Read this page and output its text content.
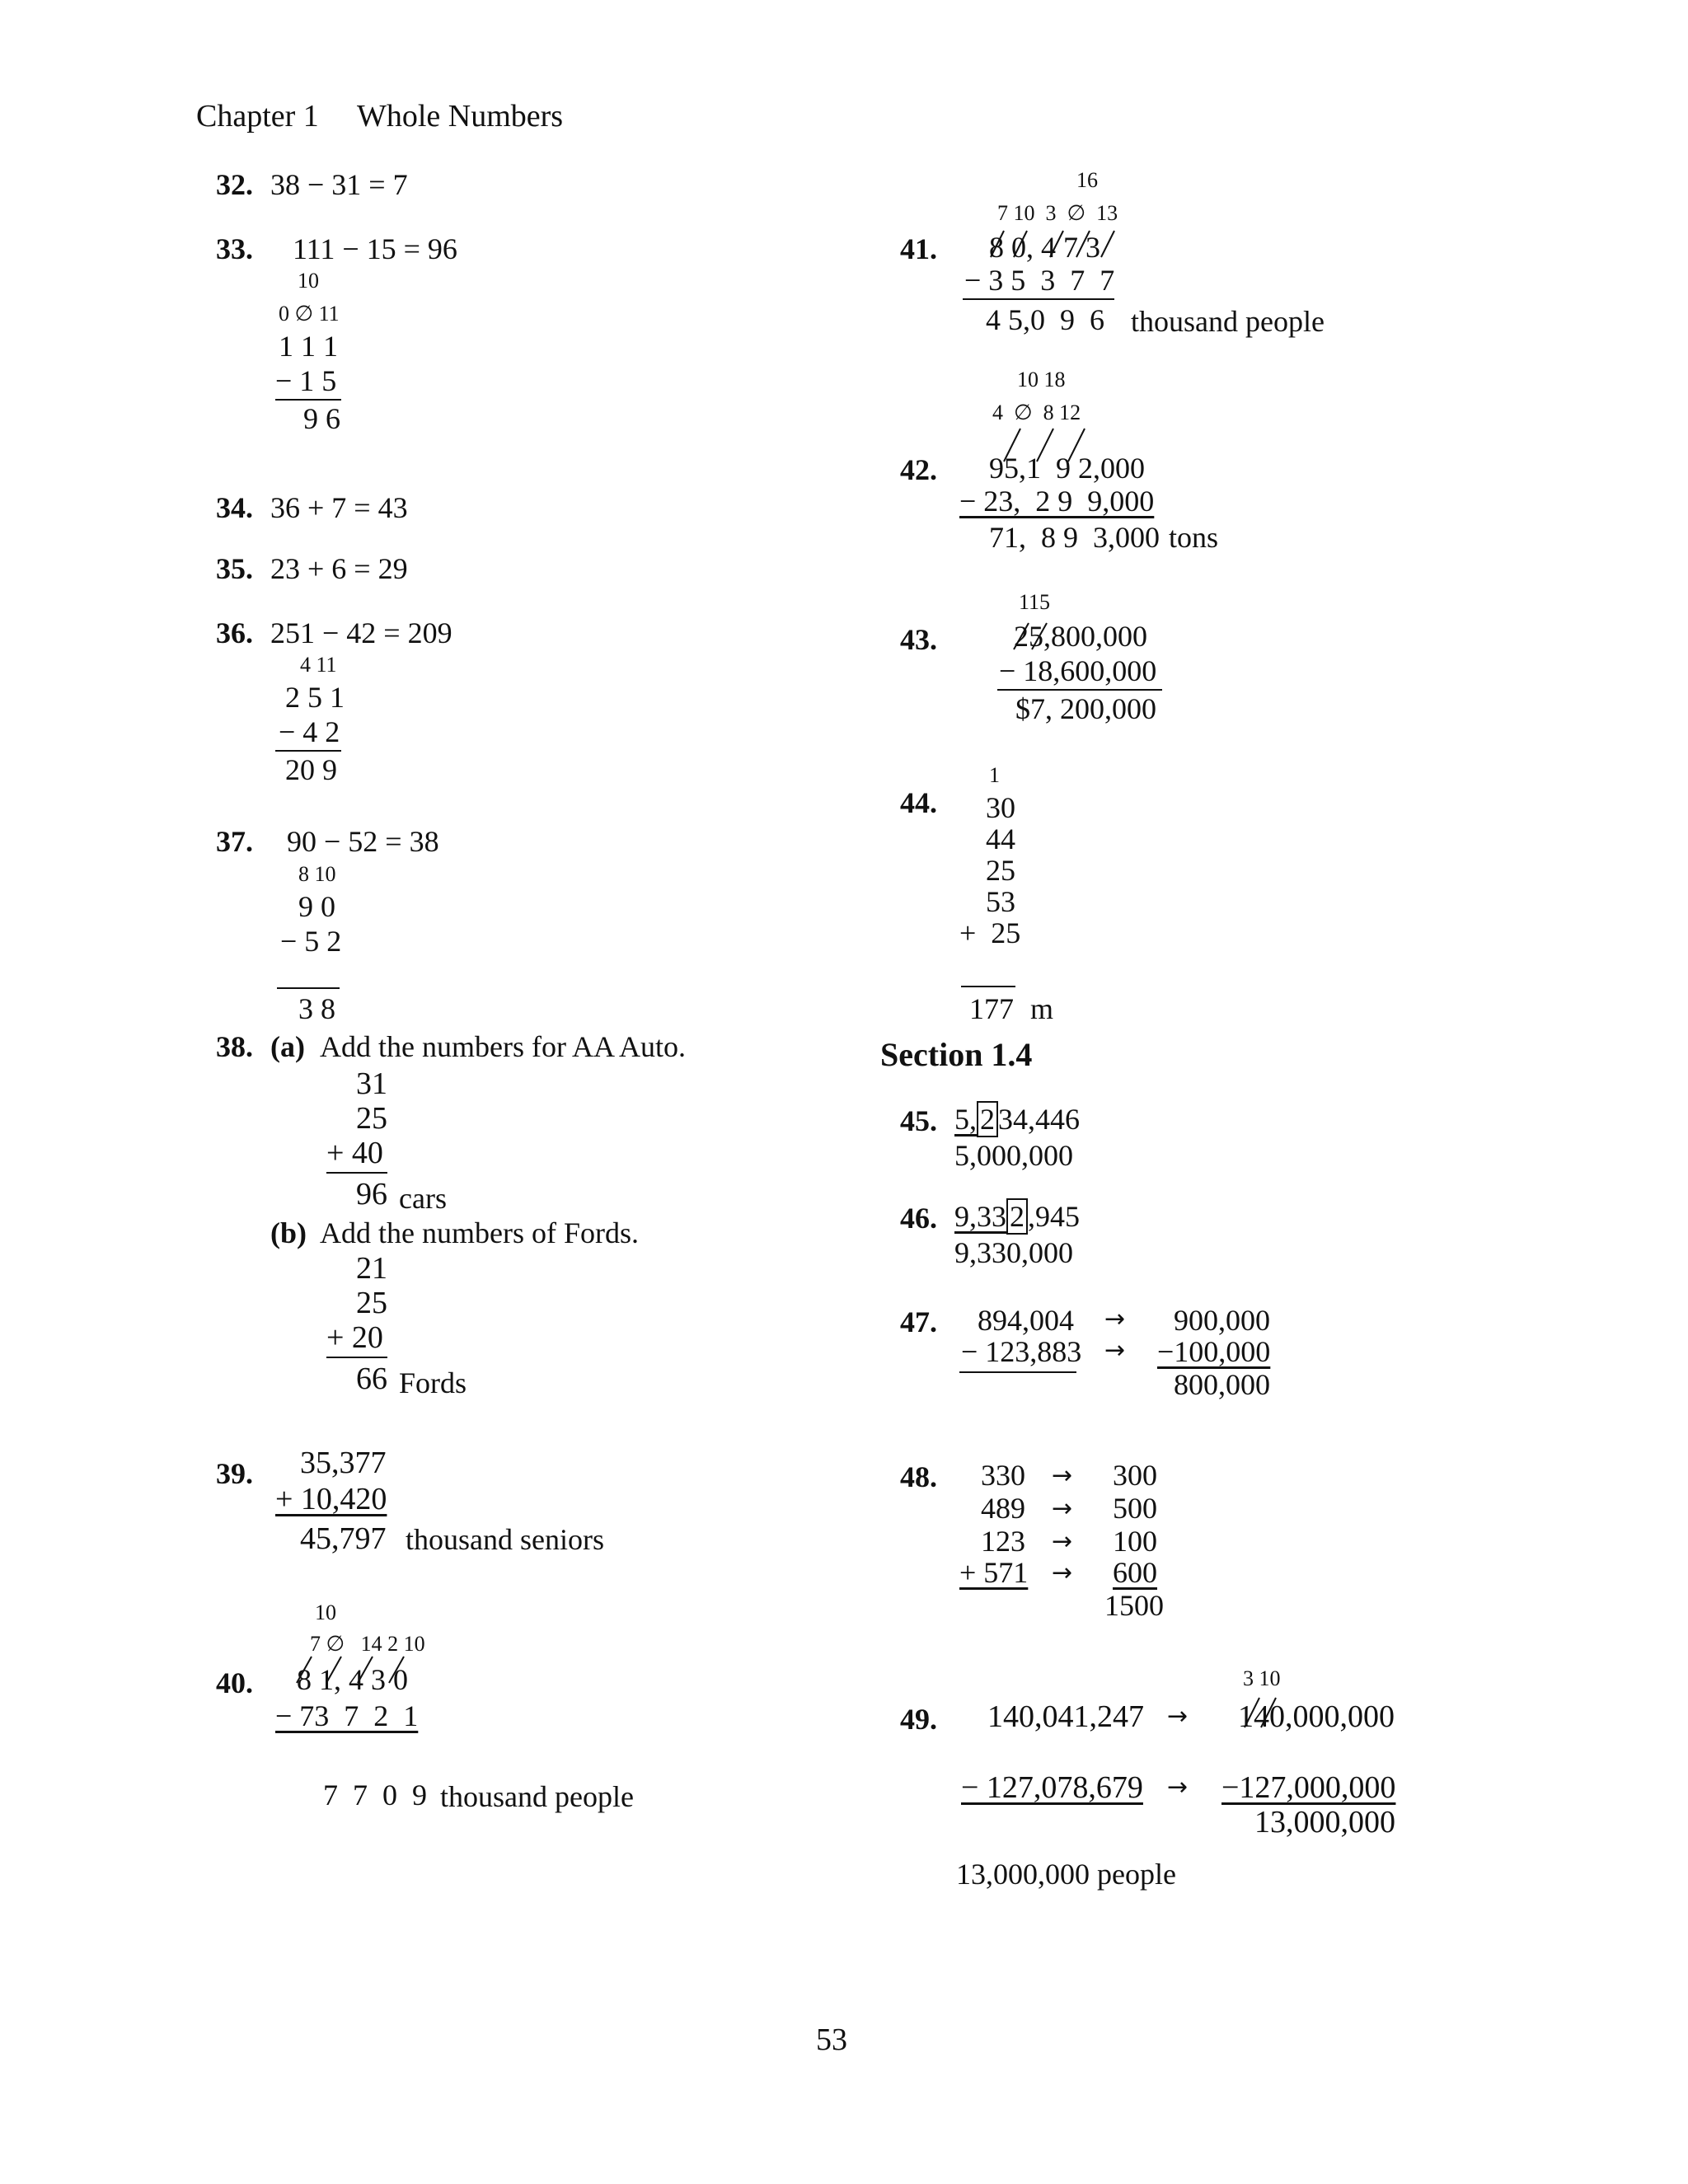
Chapter 1 Whole Numbers
32. 38 − 31 = 7
33. 111 − 15 = 96
10
0 ∅ 11
1 1 1
− 1 5
9 6
34. 36 + 7 = 43
35. 23 + 6 = 29
36. 251 − 42 = 209
4 11
2 5 1
− 4 2
20 9
37. 90 − 52 = 38
8 10
9 0
− 5 2
3 8
38. (a) Add the numbers for AA Auto.
31
25
+ 40
96 cars
(b) Add the numbers of Fords.
21
25
+ 20
66 Fords
39. 35,377
+ 10,420
45,797 thousand seniors
40.
10
7 ∅   14 2 10
8 1, 4 3 0
− 73  7  2  1
7  7  0  9 thousand people
41.
16
7 10  3  ∅  13
8 0, 4 7 3
− 3 5  3  7  7
4 5,0  9  6 thousand people
42.
10 18
4  ∅  8 12
95,1  9 2,000
− 23,  2 9  9,000
71,  8 9  3,000 tons
43.
115
25,800,000
− 18,600,000
$7, 200,000
44.
1
30
44
25
53
+  25
177 m
Section 1.4
45. 5, 2 34,446
5,000,000
46. 9,33 2 ,945
9,330,000
47. 894,004
− 123,883
→
→
900,000
−100,000
800,000
48. 330
489
123
+ 571
→
→
→
→
300
500
100
600
1500
49.
3 10
140,041,247
− 127,078,679
→
→
140,000,000
−127,000,000
13,000,000
13,000,000 people
53
